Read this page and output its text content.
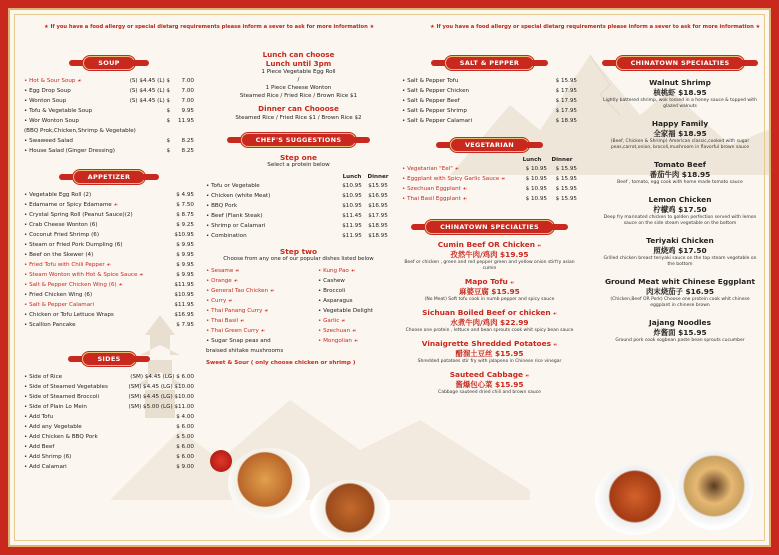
★ If you have a food allergy or special dietarg requirements please inform a sever to ask for more information ★	★ If you have a food allergy or special dietarg requirements please inform a sever to ask for more information ★
SOUP
• Hot & Sour Soup ☙	(S) $4.45 (L) $	7.00
• Egg Drop Soup	(S) $4.45 (L) $	7.00
• Wonton Soup	(S) $4.45 (L) $	7.00
• Tofu & Vegetable Soup	$	9.95
• Wor Wonton Soup	$	11.95
(BBQ Prok,Chicken,Shrimp & Vegetable)
• Swaweed Salad	$	8.25
• House Salad (Ginger Dressing)	$	8.25
APPETIZER
• Vegetable Egg Roll (2)	$ 4.95
• Edamame or Spicy Edamame ☙	$ 7.50
• Crystal Spring Roll (Peanut Sauce)(2)	$ 8.75
• Crab Cheese Wonton (6)	$ 9.25
• Coconut Fried Shrimp (6)	$10.95
• Steam or Fried Pork Dumpling (6)	$ 9.95
• Beef on the Skewer (4)	$ 9.95
• Fried Tofu with Chili Pepper ☙	$ 9.95
• Steam Wonton with Hot & Spice Sauce ☙	$ 9.95
• Salt & Pepper Chicken Wing (6) ☙	$11.95
• Fried Chicken Wing (6)	$10.95
• Salt & Pepper Calamari	$11.95
• Chicken or Tofu Lettuce Wraps	$16.95
• Scallion Pancake	$ 7.95
SIDES
• Side of Rice	(SM) $4.45 (LG) $ 6.00
• Side of Steamed Vegetables	(SM) $4.45 (LG) $10.00
• Side of Steamed Broccoli	(SM) $4.45 (LG) $10.00
• Side of Plain Lo Mein	(SM) $5.00 (LG) $11.00
• Add Tofu	$ 4.00
• Add any Vegetable	$ 6.00
• Add Chicken & BBQ Pork	$ 5.00
• Add Beef	$ 6.00
• Add Shrimp (6)	$ 6.00
• Add Calamari	$ 9.00
Lunch can choose
Lunch until 3pm
1 Piece Vegetable Egg Roll
/
1 Piece Cheese Wonton
Steamed Rice / Fried Rice / Brown Rice $1
Dinner can Chooose
Steamed Rice / Fried Rice $1 / Brown Rice $2
CHEF'S SUGGESTIONS
Step one
Select a protein below
Lunch	Dinner
• Tofu or Vegetable	$10.95	$15.95
• Chicken (white Meat)	$10.95	$16.95
• BBQ Pork	$10.95	$16.95
• Beef (Flank Steak)	$11.45	$17.95
• Shrimp or Calamari	$11.95	$18.95
• Combination	$11.95	$18.95
Step two
Choose from any one of our popular dishes listed below
• Sesame ☙
• Orange ☙
• General Tao Chicken ☙
• Curry ☙
• Thai Panang Curry ☙
• Thai Basil ☙
• Thai Green Curry ☙
• Sugar Snap peas and
braised shitake mushrooms
• Kung Pao ☙
• Cashew
• Broccoli
• Asparagus
• Vegetable Delight
• Garlic ☙
• Szechuan ☙
• Mongolian ☙
Sweet & Sour ( only choose chicken or shrimp )
SALT & PEPPER
• Salt & Pepper Tofu	$ 15.95
• Salt & Pepper Chicken	$ 17.95
• Salt & Pepper Beef	$ 17.95
• Salt & Pepper Shrimp	$ 17.95
• Salt & Pepper Calamari	$ 18.95
VEGETARIAN
Lunch	Dinner
• Vegetarian "Eel" ☙	$ 10.95	$ 15.95
• Eggplant with Spicy Garlic Sauce ☙	$ 10.95	$ 15.95
• Szechuan Eggplant ☙	$ 10.95	$ 15.95
• Thai Basil Eggplant ☙	$ 10.95	$ 15.95
CHINATOWN SPECIALTIES
Cumin Beef OR Chicken ☙
孜然牛肉/鸡肉 $19.95
Beef or chicken , green and red pepper green and yellow onion stirfry asian cumin
Mapo Tofu ☙
麻婆豆腐 $15.95
(No Meat) Soft tofu cook in numb pepper and spicy sauce
Sichuan Boiled Beef or chicken ☙
水煮牛肉/鸡肉 $22.99
Choose one protein , lettuce and bean sprouts cook whit spicy bean sauce
Vinaigrette Shredded Potatoes ☙
醋溜土豆丝 $15.95
Shredded potatoes stir fry with jalapeno in Chinese rice vinegar
Sauteed Cabbage ☙
酱爆包心菜 $15.95
Cabbage sauteed dried chili and brown sauce
CHINATOWN SPECIALTIES
Walnut Shrimp
核桃虾 $18.95
Lightly battered shrimp, wok tossed in a honey sauce & topped with glazed walnuts
Happy Family
全家福 $18.95
(Beef, Chicken & Shrimp) American classic,cooked with sugar peas,carrot,onion, brocoli,mushroom in flavorful brown sauce
Tomato Beef
番茄牛肉 $18.95
Beef , tomato, egg cook with home made tomato sauce
Lemon Chicken
柠檬鸡 $17.50
Deep fry marinated chicken to golden perfection served with lemon sauce on the side steam vegetable on the bottom
Teriyaki Chicken
照烧鸡 $17.50
Grilled chicken breast teriyaki sauce on the top steam vegetable on the bottom
Ground Meat whit Chinese Eggplant
肉末烧茄子 $16.95
(Chicken,Beef OR Pork) Choose one protein cook whit chinese eggplant in chinese brown
Jajang Noodles
炸酱面 $15.95
Ground pork cook sogbean paste bean sprouts cucumber
